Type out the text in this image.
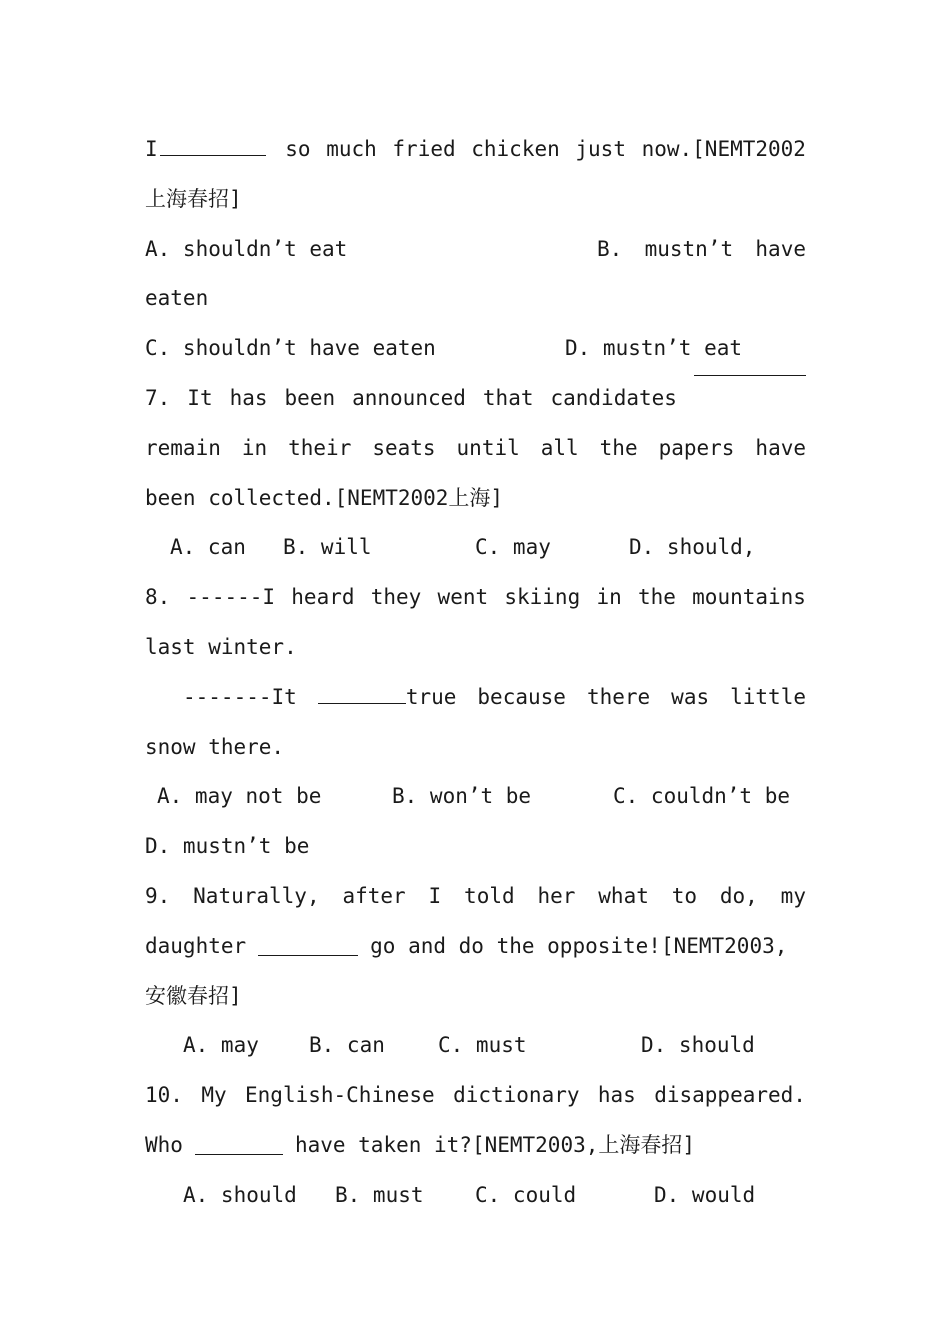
I	so much fried chicken just now.[NEMT2002
上海春招]
A. shouldn’t eat	B. mustn’t have
eaten
C. shouldn’t have eaten	D. mustn’t eat
7. It has been announced that candidates
remain in their seats until all the papers have
been collected.[NEMT2002上海]
A. can	B. will	C. may	D. should,
8. ------I heard they went skiing in the mountains
last winter.
-------It	true because there was little
snow there.
A. may not be	B. won’t be	C. couldn’t be
D. mustn’t be
9. Naturally, after I told her what to do, my
daughter	go and do the opposite![NEMT2003,
安徽春招]
A. may	B. can	C. must	D. should
10. My English-Chinese dictionary has disappeared.
Who	have taken it?[NEMT2003,上海春招]
A. should	B. must	C. could	D. would
